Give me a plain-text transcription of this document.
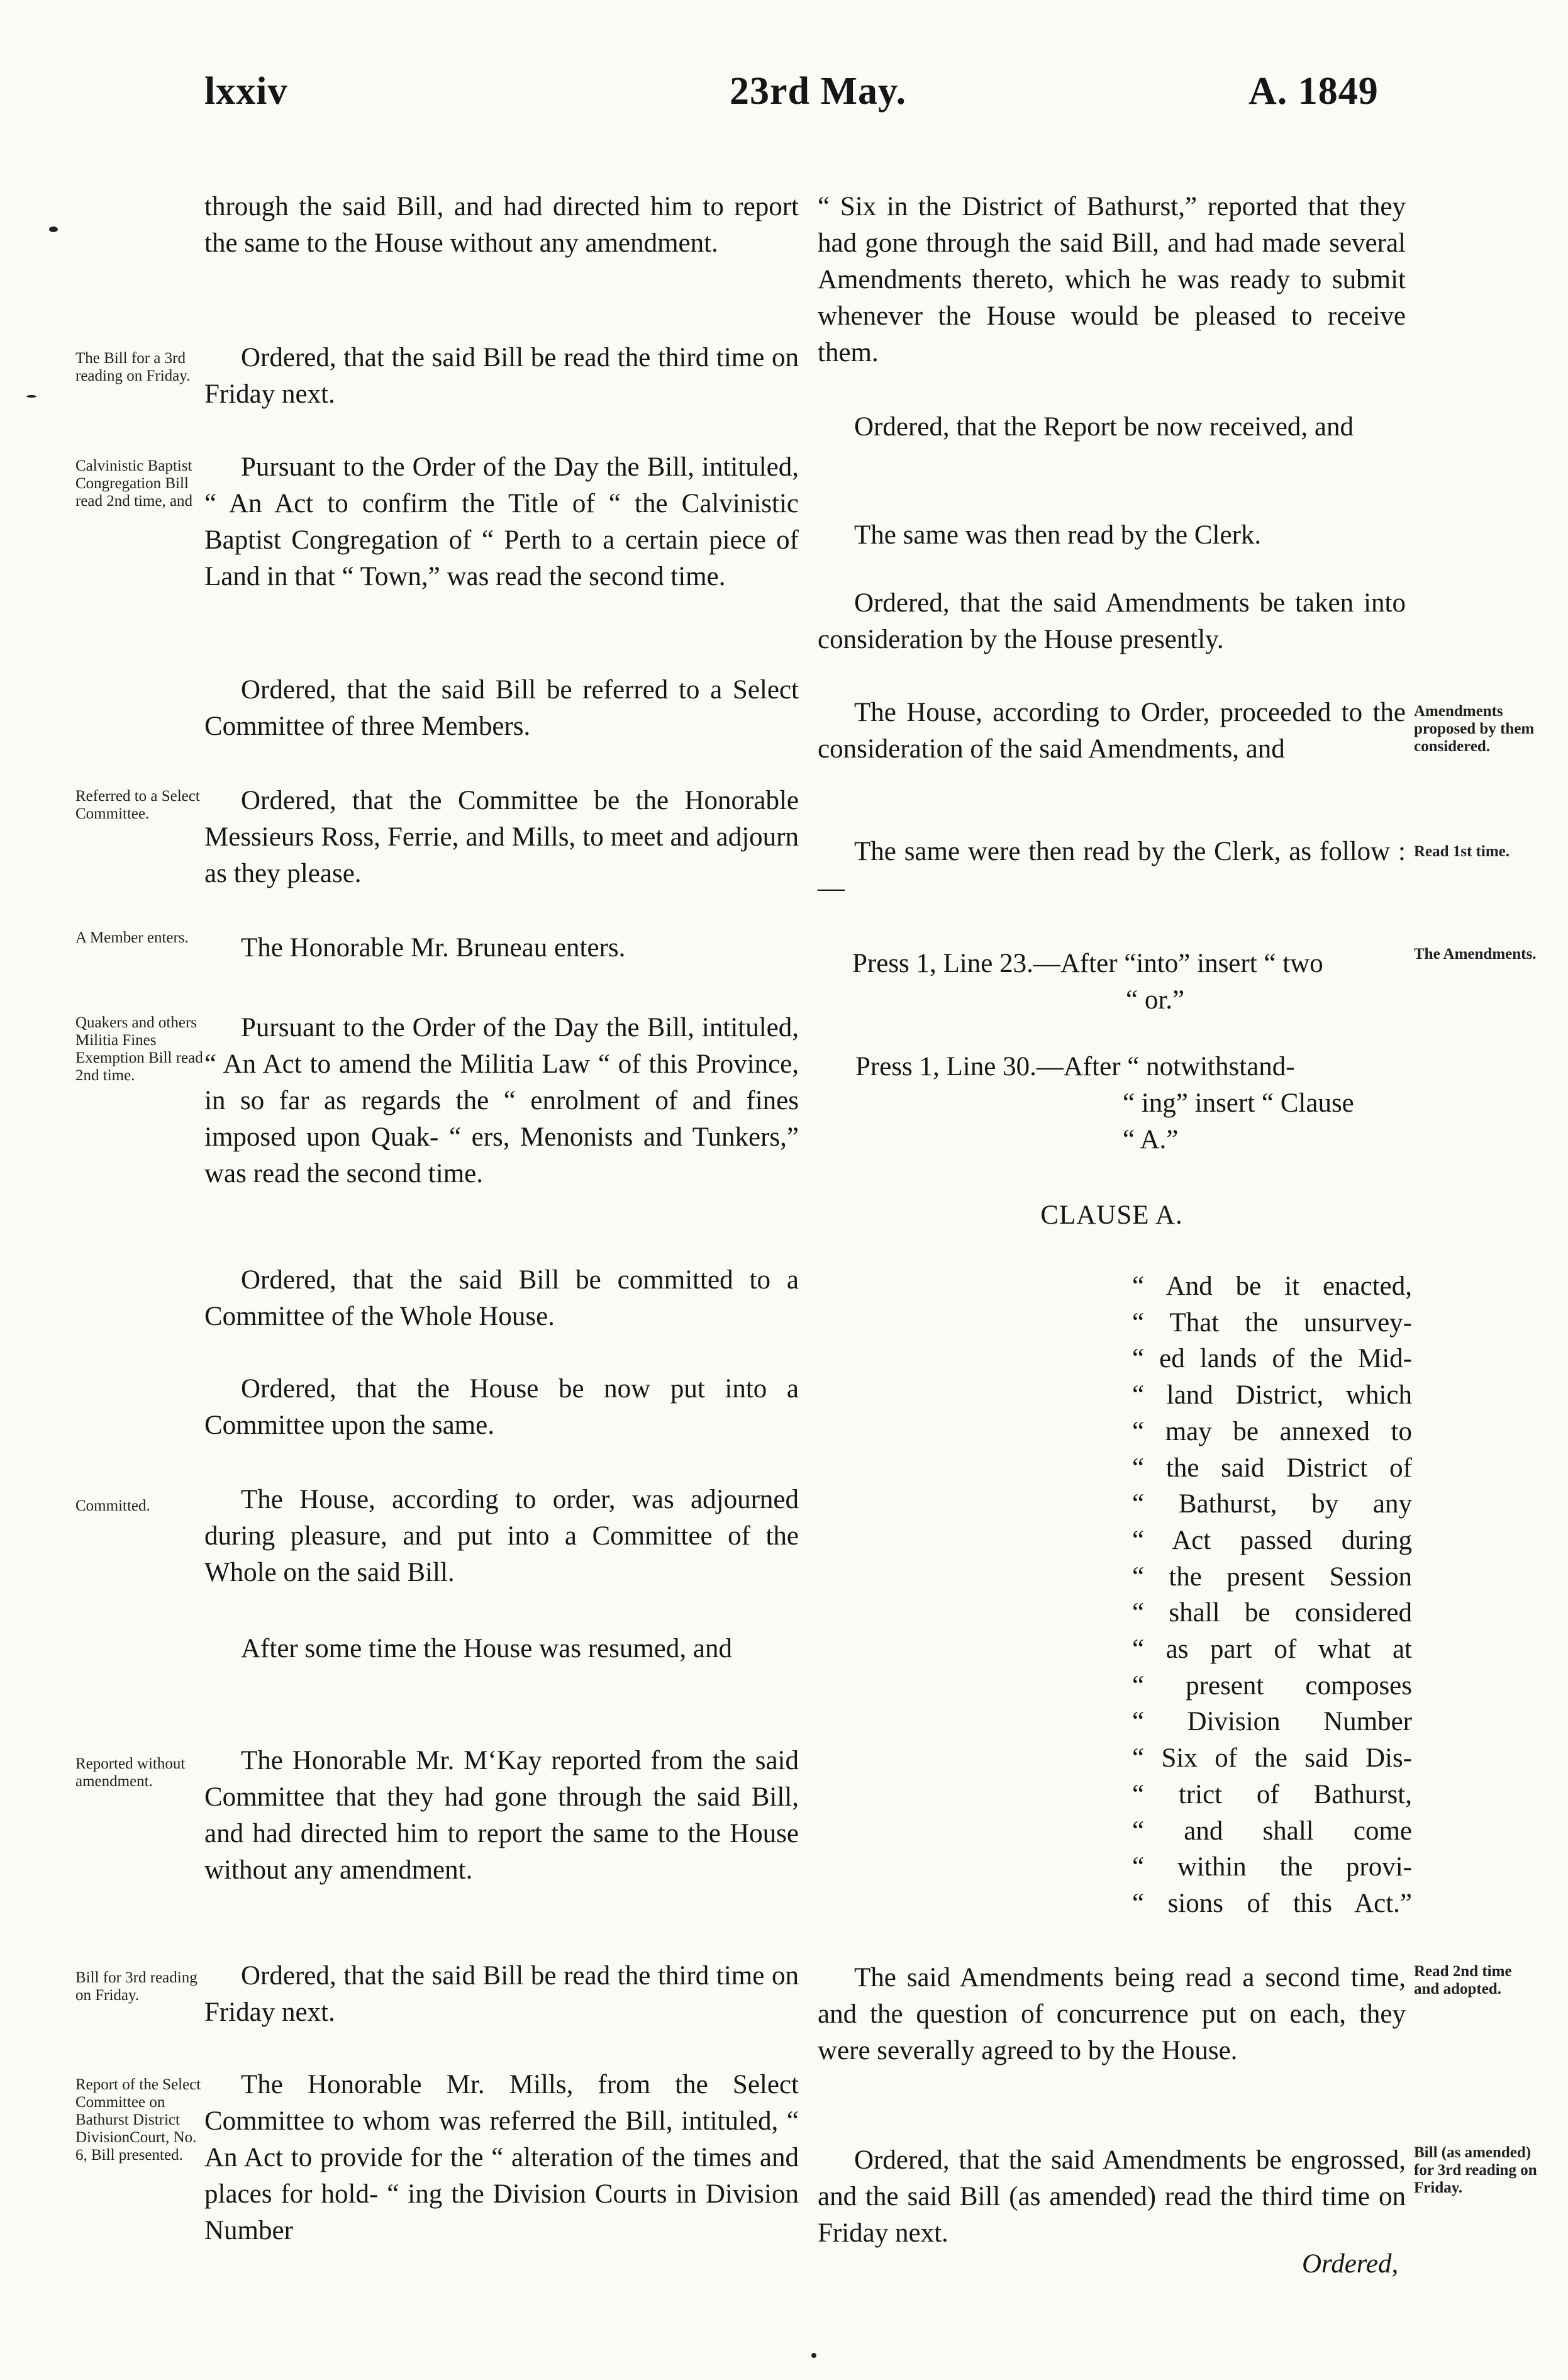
lxxiv	23rd May.	A. 1849

through the said Bill, and had directed him to report the same to the House without any amendment.

Ordered, that the said Bill be read the third time on Friday next.

Pursuant to the Order of the Day the Bill, intituled, “ An Act to confirm the Title of “ the Calvinistic Baptist Congregation of “ Perth to a certain piece of Land in that “ Town,” was read the second time.

Ordered, that the said Bill be referred to a Select Committee of three Members.

Ordered, that the Committee be the Honorable Messieurs Ross, Ferrie, and Mills, to meet and adjourn as they please.

The Honorable Mr. Bruneau enters.

Pursuant to the Order of the Day the Bill, intituled, “ An Act to amend the Militia Law “ of this Province, in so far as regards the “ enrolment of and fines imposed upon Quak- “ ers, Menonists and Tunkers,” was read the second time.

Ordered, that the said Bill be committed to a Committee of the Whole House.

Ordered, that the House be now put into a Committee upon the same.

The House, according to order, was adjourned during pleasure, and put into a Committee of the Whole on the said Bill.

After some time the House was resumed, and

The Honorable Mr. M‘Kay reported from the said Committee that they had gone through the said Bill, and had directed him to report the same to the House without any amendment.

Ordered, that the said Bill be read the third time on Friday next.

The Honorable Mr. Mills, from the Select Committee to whom was referred the Bill, intituled, “ An Act to provide for the “ alteration of the times and places for hold- “ ing the Division Courts in Division Number

The Bill for a 3rd reading on Friday.

Calvinistic Baptist Congregation Bill read 2nd time, and

Referred to a Select Committee.

A Member enters.

Quakers and others Militia Fines Exemption Bill read 2nd time.

Committed.

Reported without amendment.

Bill for 3rd reading on Friday.

Report of the Select Committee on Bathurst District DivisionCourt, No. 6, Bill presented.

“ Six in the District of Bathurst,” reported that they had gone through the said Bill, and had made several Amendments thereto, which he was ready to submit whenever the House would be pleased to receive them.

Ordered, that the Report be now received, and

The same was then read by the Clerk.

Ordered, that the said Amendments be taken into consideration by the House presently.

The House, according to Order, proceeded to the consideration of the said Amendments, and

The same were then read by the Clerk, as follow :—

The said Amendments being read a second time, and the question of concurrence put on each, they were severally agreed to by the House.

Ordered, that the said Amendments be engrossed, and the said Bill (as amended) read the third time on Friday next.

Press 1, Line 23.—After “into” insert “ two

“ or.”

Press 1, Line 30.—After “ notwithstand-

“ ing” insert “ Clause

“ A.”

CLAUSE A.

“ And be it enacted,
“ That the unsurvey-
“ ed lands of the Mid-
“ land District, which
“ may be annexed to
“ the said District of
“ Bathurst, by any
“ Act passed during
“ the present Session
“ shall be considered
“ as part of what at
“ present composes
“ Division Number
“ Six of the said Dis-
“ trict of Bathurst,
“ and shall come
“ within the provi-
“ sions of this Act.”

Amendments proposed by them considered.

Read 1st time.

The Amendments.

Read 2nd time and adopted.

Bill (as amended) for 3rd reading on Friday.

Ordered,
